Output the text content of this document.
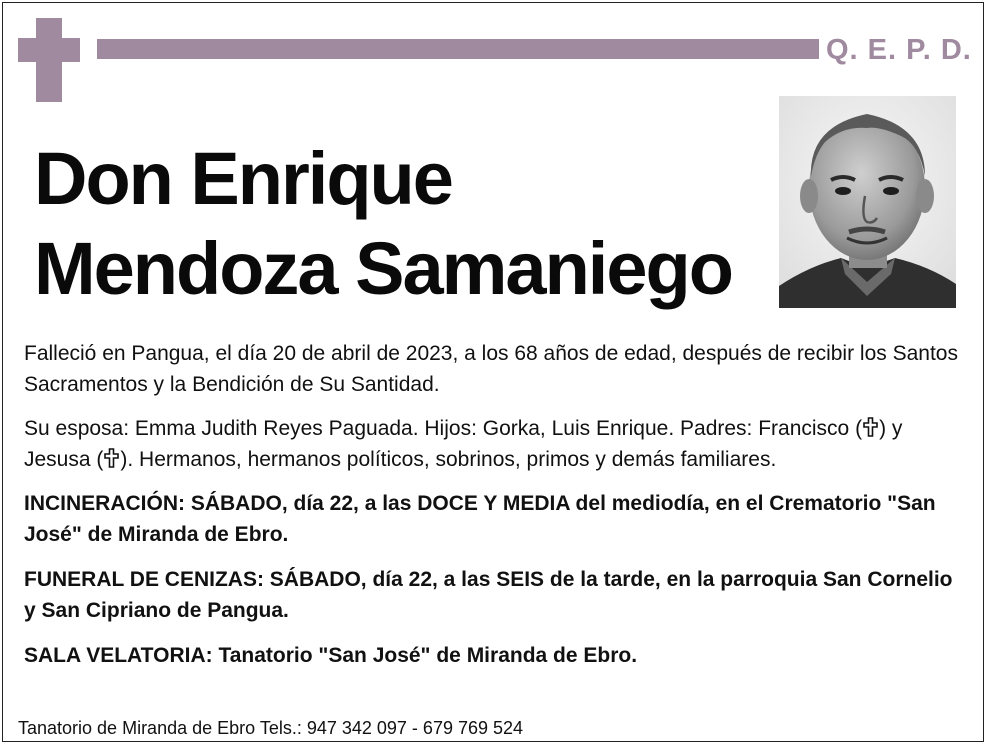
Q. E. P. D.
Don Enrique
Mendoza Samaniego

Falleció en Pangua, el día 20 de abril de 2023, a los 68 años de edad, después de recibir los Santos Sacramentos y la Bendición de Su Santidad.

Su esposa: Emma Judith Reyes Paguada. Hijos: Gorka, Luis Enrique. Padres: Francisco ( ) y Jesusa ( ). Hermanos, hermanos políticos, sobrinos, primos y demás familiares.

INCINERACIÓN: SÁBADO, día 22, a las DOCE Y MEDIA del mediodía, en el Crematorio "San José" de Miranda de Ebro.

FUNERAL DE CENIZAS: SÁBADO, día 22, a las SEIS de la tarde, en la parroquia San Cornelio y San Cipriano de Pangua.

SALA VELATORIA: Tanatorio "San José" de Miranda de Ebro.

Tanatorio de Miranda de Ebro Tels.: 947 342 097 - 679 769 524
